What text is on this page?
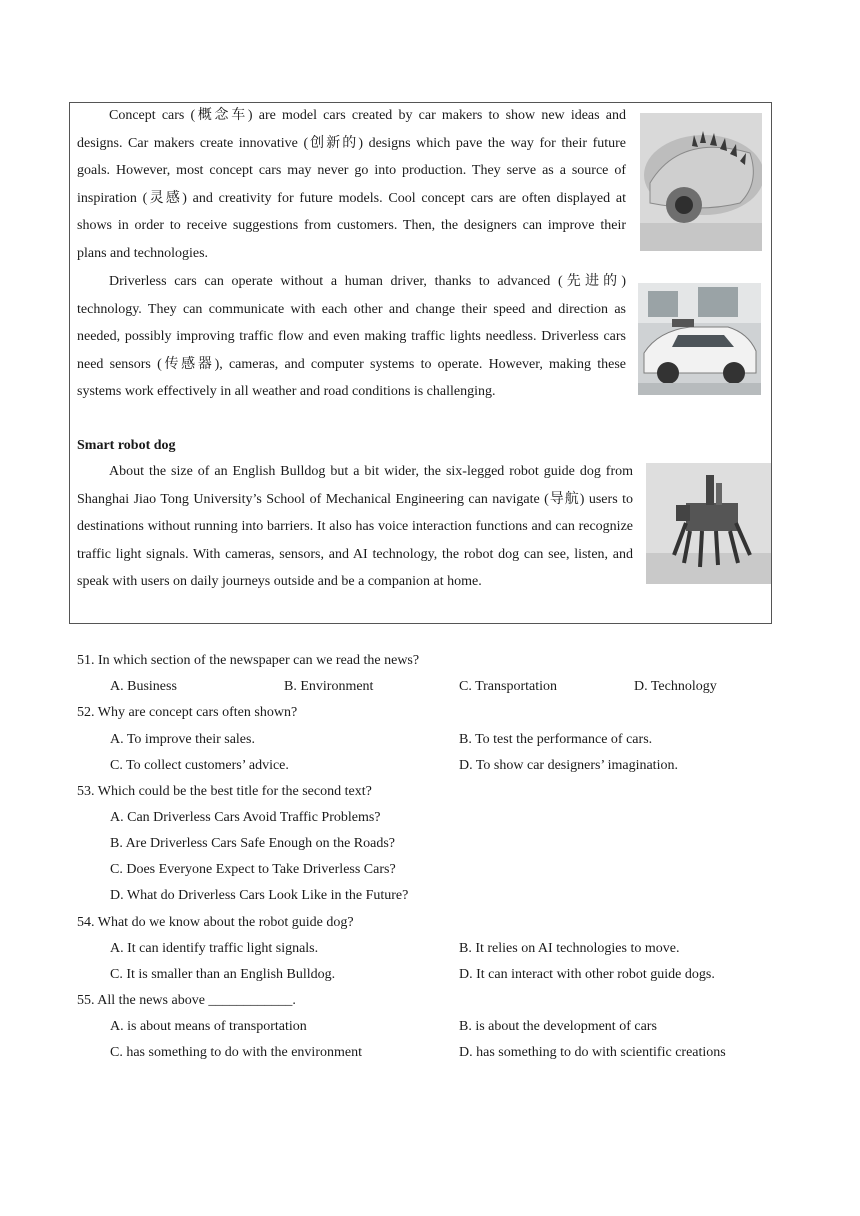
Concept cars (概念车) are model cars created by car makers to show new ideas and designs. Car makers create innovative (创新的) designs which pave the way for their future goals. However, most concept cars may never go into production. They serve as a source of inspiration (灵感) and creativity for future models. Cool concept cars are often displayed at shows in order to receive suggestions from customers. Then, the designers can improve their plans and technologies.
Driverless cars can operate without a human driver, thanks to advanced (先进的) technology. They can communicate with each other and change their speed and direction as needed, possibly improving traffic flow and even making traffic lights needless. Driverless cars need sensors (传感器), cameras, and computer systems to operate. However, making these systems work effectively in all weather and road conditions is challenging.
Smart robot dog
About the size of an English Bulldog but a bit wider, the six-legged robot guide dog from Shanghai Jiao Tong University’s School of Mechanical Engineering can navigate (导航) users to destinations without running into barriers. It also has voice interaction functions and can recognize traffic light signals. With cameras, sensors, and AI technology, the robot dog can see, listen, and speak with users on daily journeys outside and be a companion at home.
51. In which section of the newspaper can we read the news?
A. Business	B. Environment	C. Transportation	D. Technology
52. Why are concept cars often shown?
A. To improve their sales.	B. To test the performance of cars.
C. To collect customers’ advice.	D. To show car designers’ imagination.
53. Which could be the best title for the second text?
A. Can Driverless Cars Avoid Traffic Problems?
B. Are Driverless Cars Safe Enough on the Roads?
C. Does Everyone Expect to Take Driverless Cars?
D. What do Driverless Cars Look Like in the Future?
54. What do we know about the robot guide dog?
A. It can identify traffic light signals.	B. It relies on AI technologies to move.
C. It is smaller than an English Bulldog.	D. It can interact with other robot guide dogs.
55. All the news above ____________.
A. is about means of transportation	B. is about the development of cars
C. has something to do with the environment	D. has something to do with scientific creations
